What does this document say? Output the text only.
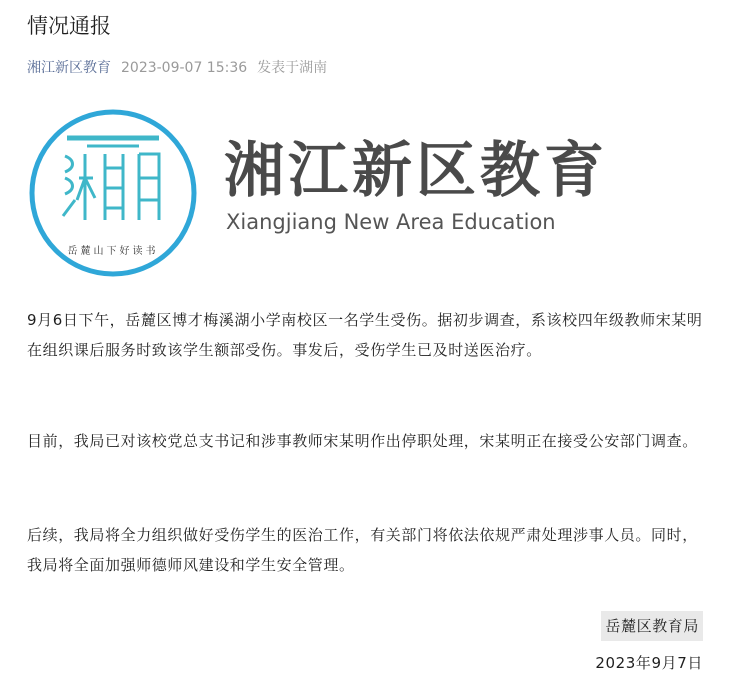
情况通报
湘江新区教育 2023-09-07 15:36 发表于湖南
岳麓山下好读书
湘江新区教育
Xiangjiang New Area Education

9月6日下午，岳麓区博才梅溪湖小学南校区一名学生受伤。据初步调查，系该校四年级教师宋某明在组织课后服务时致该学生额部受伤。事发后，受伤学生已及时送医治疗。

目前，我局已对该校党总支书记和涉事教师宋某明作出停职处理，宋某明正在接受公安部门调查。

后续，我局将全力组织做好受伤学生的医治工作，有关部门将依法依规严肃处理涉事人员。同时，我局将全面加强师德师风建设和学生安全管理。

岳麓区教育局
2023年9月7日
